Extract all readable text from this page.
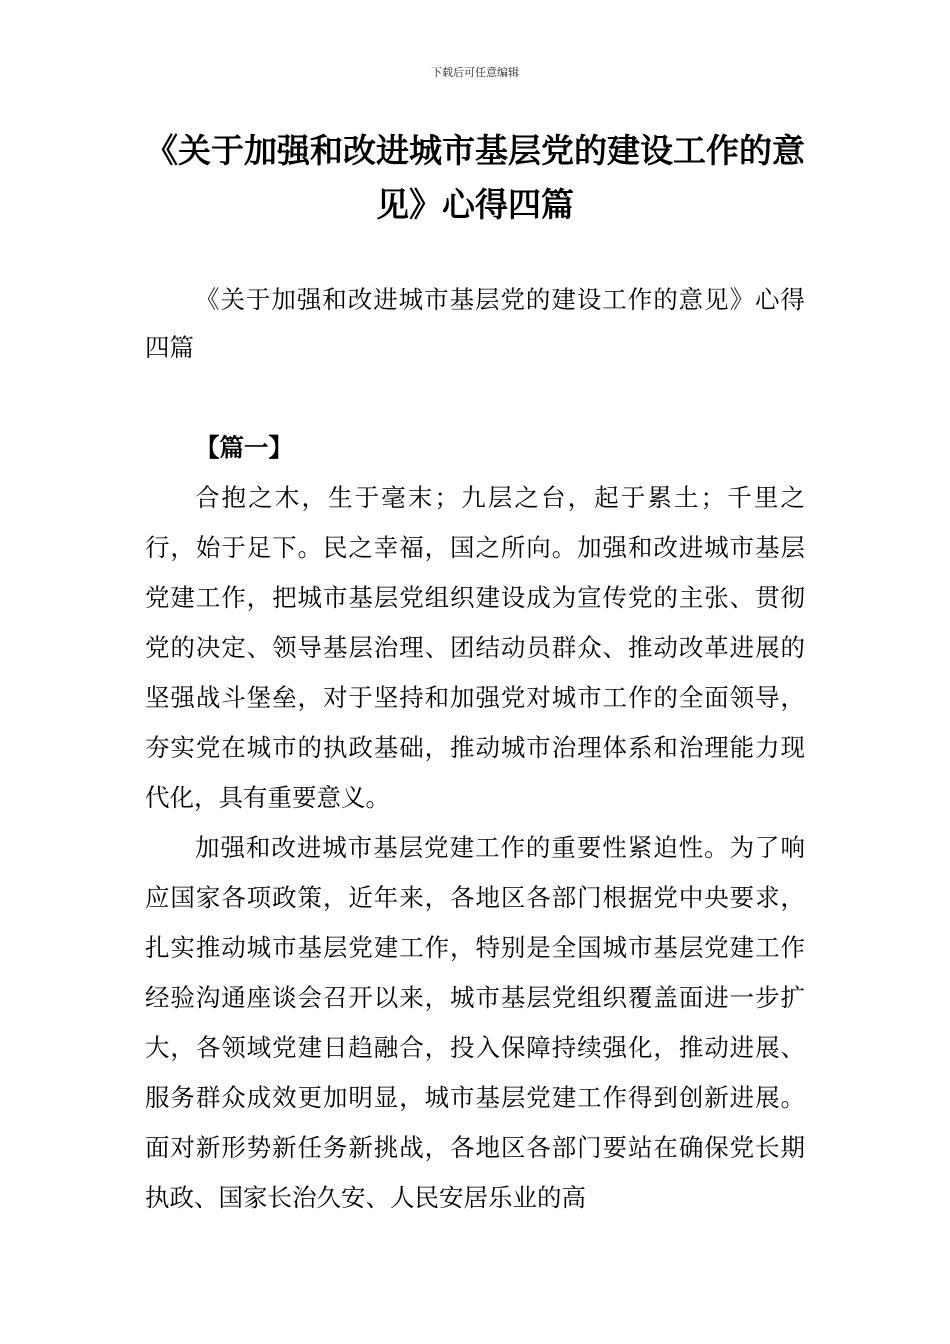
下载后可任意编辑
《关于加强和改进城市基层党的建设工作的意见》心得四篇

《关于加强和改进城市基层党的建设工作的意见》心得四篇

【篇一】

合抱之木，生于毫末；九层之台，起于累土；千里之行，始于足下。民之幸福，国之所向。加强和改进城市基层党建工作，把城市基层党组织建设成为宣传党的主张、贯彻党的决定、领导基层治理、团结动员群众、推动改革进展的坚强战斗堡垒，对于坚持和加强党对城市工作的全面领导，夯实党在城市的执政基础，推动城市治理体系和治理能力现代化，具有重要意义。

加强和改进城市基层党建工作的重要性紧迫性。为了响应国家各项政策，近年来，各地区各部门根据党中央要求，扎实推动城市基层党建工作，特别是全国城市基层党建工作经验沟通座谈会召开以来，城市基层党组织覆盖面进一步扩大，各领域党建日趋融合，投入保障持续强化，推动进展、服务群众成效更加明显，城市基层党建工作得到创新进展。面对新形势新任务新挑战，各地区各部门要站在确保党长期执政、国家长治久安、人民安居乐业的高
